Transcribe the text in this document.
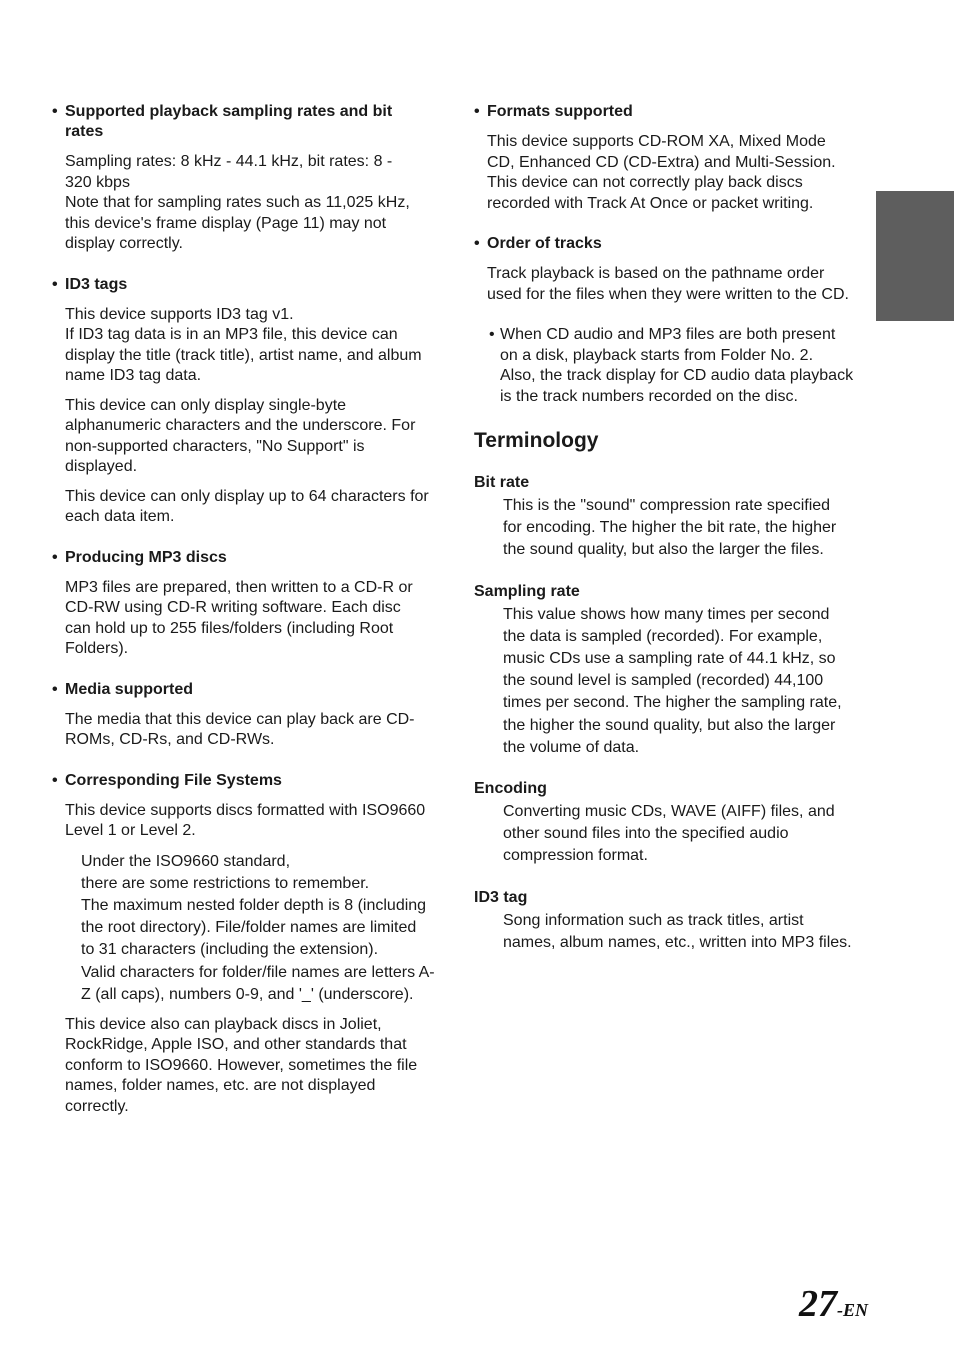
• Supported playback sampling rates and bit
rates
Sampling rates: 8 kHz - 44.1 kHz, bit rates: 8 -
320 kbps
Note that for sampling rates such as 11,025 kHz,
this device's frame display (Page 11) may not
display correctly.
• ID3 tags
This device supports ID3 tag v1.
If ID3 tag data is in an MP3 file, this device can
display the title (track title), artist name, and album
name ID3 tag data.
This device can only display single-byte
alphanumeric characters and the underscore. For
non-supported characters, "No Support" is
displayed.
This device can only display up to 64 characters for
each data item.
• Producing MP3 discs
MP3 files are prepared, then written to a CD-R or
CD-RW using CD-R writing software. Each disc
can hold up to 255 files/folders (including Root
Folders).
• Media supported
The media that this device can play back are CD-
ROMs, CD-Rs, and CD-RWs.
• Corresponding File Systems
This device supports discs formatted with ISO9660
Level 1 or Level 2.
Under the ISO9660 standard,
there are some restrictions to remember.
The maximum nested folder depth is 8 (including
the root directory). File/folder names are limited
to 31 characters (including the extension).
Valid characters for folder/file names are letters A-
Z (all caps), numbers 0-9, and '_' (underscore).
This device also can playback discs in Joliet,
RockRidge, Apple ISO, and other standards that
conform to ISO9660. However, sometimes the file
names, folder names, etc. are not displayed
correctly.
• Formats supported
This device supports CD-ROM XA, Mixed Mode
CD, Enhanced CD (CD-Extra) and Multi-Session.
This device can not correctly play back discs
recorded with Track At Once or packet writing.
• Order of tracks
Track playback is based on the pathname order
used for the files when they were written to the CD.
• When CD audio and MP3 files are both present
on a disk, playback starts from Folder No. 2.
Also, the track display for CD audio data playback
is the track numbers recorded on the disc.
Terminology
Bit rate
This is the "sound" compression rate specified
for encoding. The higher the bit rate, the higher
the sound quality, but also the larger the files.
Sampling rate
This value shows how many times per second
the data is sampled (recorded). For example,
music CDs use a sampling rate of 44.1 kHz, so
the sound level is sampled (recorded) 44,100
times per second. The higher the sampling rate,
the higher the sound quality, but also the larger
the volume of data.
Encoding
Converting music CDs, WAVE (AIFF) files, and
other sound files into the specified audio
compression format.
ID3 tag
Song information such as track titles, artist
names, album names, etc., written into MP3 files.
27-EN
